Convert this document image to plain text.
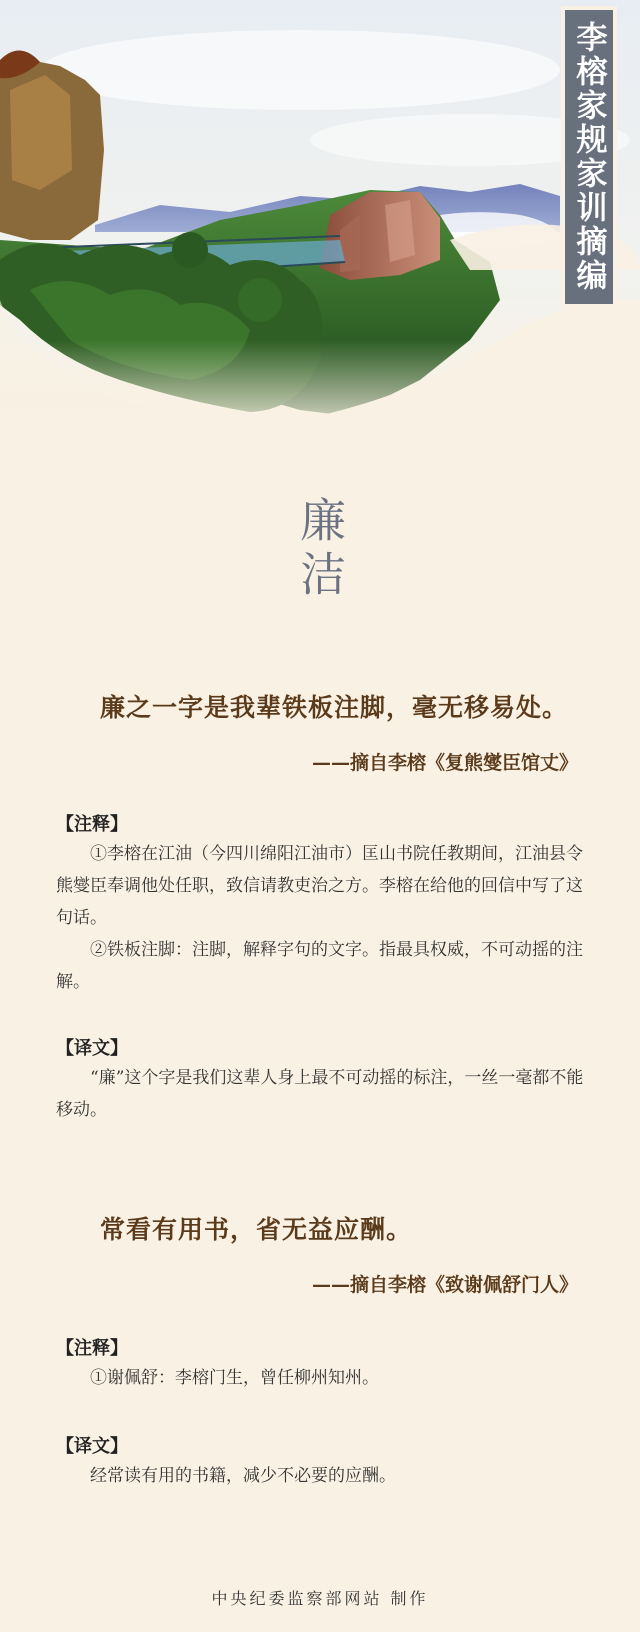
李榕家规家训摘编
廉洁
廉之一字是我辈铁板注脚，毫无移易处。
——摘自李榕《复熊燮臣馆丈》
【注释】

①李榕在江油（今四川绵阳江油市）匡山书院任教期间，江油县令熊燮臣奉调他处任职，致信请教吏治之方。李榕在给他的回信中写了这句话。

②铁板注脚：注脚，解释字句的文字。指最具权威，不可动摇的注解。

【译文】

“廉”这个字是我们这辈人身上最不可动摇的标注，一丝一毫都不能移动。

常看有用书，省无益应酬。
——摘自李榕《致谢佩舒门人》
【注释】

①谢佩舒：李榕门生，曾任柳州知州。

【译文】

经常读有用的书籍，减少不必要的应酬。

中央纪委监察部网站 制作
